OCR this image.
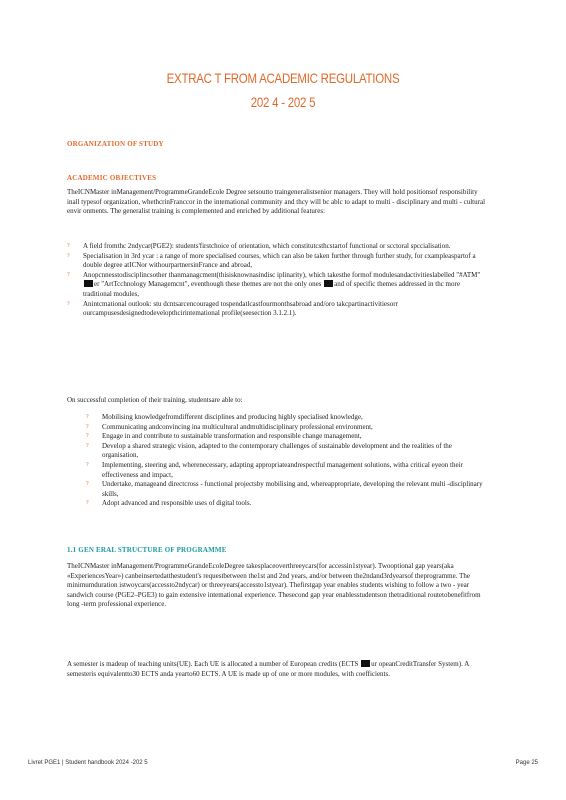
EXTRAC T FROM ACADEMIC REGULATIONS
202 4 - 202 5
ORGANIZATION OF STUDY
ACADEMIC OBJECTIVES

TheICNMaster inManagement/ProgrammeGrandeEcole Degree setsoutto traingeneralistsenior managers. They will hold positionsof responsibility inall typesof organization, whethcrinFranccor in the intemational community and thcy will bc ablc to adapt to multi - disciplinary and multi - cultural envir onments. The generalist training is complemented and enriched by additional features:

? A field fromthc 2ndycar(PGE2): students'firstchoice of orientation, which constitutcsthcstartof functional or scctoral spccialisation.
? Specialisation in 3rd ycar : a range of more specialised courses, which can also be taken further through further study, for cxampleaspartof a double degree atICNor withourpartnersinFrance and abroad,
? Anopcnnesstodisciplincsother thanmanagcment(thisisknownasindisc iplinarity), which takesthe formof modulesandactivitieslabelled "#ATM" er "ArtTcchnology Managemcnt", eventhough these themes are not the only ones and of specific themes addressed in thc more traditional modules,
? Anintcmational outlook: stu dcntsarcencouraged tospendatlcastfourmonthsabroad and/oro takcpartinactivitiesorr ourcampusesdesignedtodevelopthcirintemational profile(seesection 3.1.2.1).

On successful completion of their training, studentsare able to:

? Mobilising knowledgefromdifferent disciplines and producing highly specialised knowledge,
? Communicating andconvincing ina multicultural andmultidisciplinary professional environment,
? Engage in and contribute to sustainable transformation and responsible change management,
? Develop a shared strategic vision, adapted to the contemporary challenges of sustainable development and the realities of the organisation,
? Implementing, steering and, wherenecessary, adapting appropriateandrespectful management solutions, witha critical eyeon their effectiveness and impact,
? Undertake, manageand directcross - functional projectsby mobilising and, whereappropriate, developing the relevant multi -disciplinary skills,
? Adopt advanced and responsible uses of digital tools.
1.1 GEN ERAL STRUCTURE OF PROGRAMME

TheICNMaster inManagement/ProgrammeGrandeEcoleDegree takesplaceoverthreeycars(for accessin1styear). Twooptional gap years(aka «ExperiencesYear») canbeinsertedatthestudent's requestbetween the1st and 2nd years, and/or between the2ndand3rdyearsof theprogramme. The minimumduration istwoycars(accessto2ndycar) or threeyears(accessto1styear). Thefirstgap year enables students wishing to follow a two - year sandwich course (PGE2–PGE3) to gain extensive intemational experience. Thesecond gap year enablesstudentson thetraditional routetobenefitfrom long -term professional experience.

A semester is madeup of teaching units(UE). Each UE is allocated a number of European credits (ECTS ur opeanCreditTransfer System). A semesteris equivalentto30 ECTS anda yearto60 ECTS. A UE is made up of one or more modules, with coefficients.

Livret PGE1 | Student handbook 2024 -202 5	Page 25
